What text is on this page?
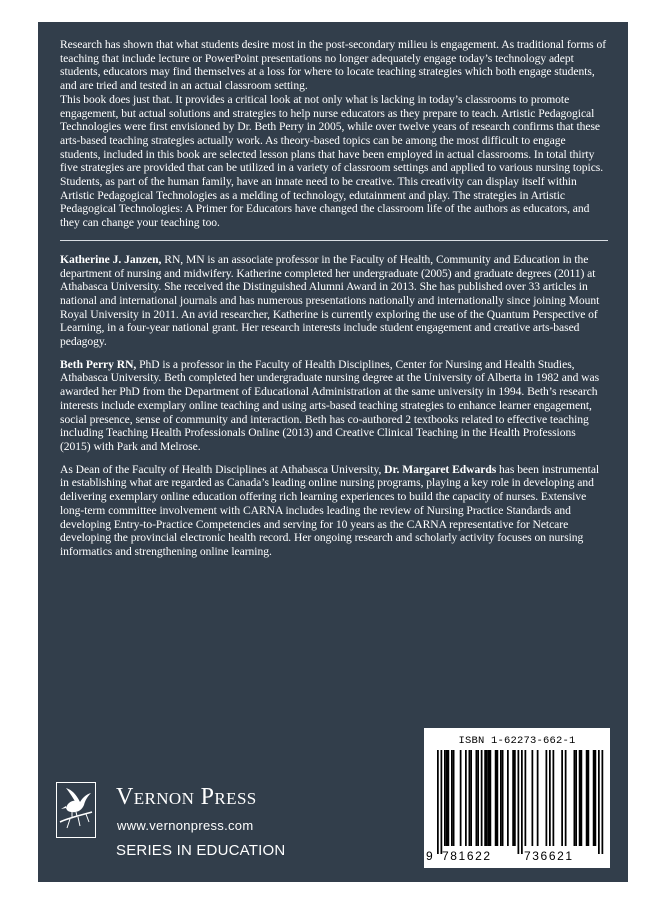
Research has shown that what students desire most in the post-secondary milieu is engagement. As traditional forms of teaching that include lecture or PowerPoint presentations no longer adequately engage today’s technology adept students, educators may find themselves at a loss for where to locate teaching strategies which both engage students, and are tried and tested in an actual classroom setting.

This book does just that. It provides a critical look at not only what is lacking in today’s classrooms to promote engagement, but actual solutions and strategies to help nurse educators as they prepare to teach. Artistic Pedagogical Technologies were first envisioned by Dr. Beth Perry in 2005, while over twelve years of research confirms that these arts-based teaching strategies actually work. As theory-based topics can be among the most difficult to engage students, included in this book are selected lesson plans that have been employed in actual classrooms. In total thirty five strategies are provided that can be utilized in a variety of classroom settings and applied to various nursing topics. Students, as part of the human family, have an innate need to be creative. This creativity can display itself within Artistic Pedagogical Technologies as a melding of technology, edutainment and play. The strategies in Artistic Pedagogical Technologies: A Primer for Educators have changed the classroom life of the authors as educators, and they can change your teaching too.

Katherine J. Janzen, RN, MN is an associate professor in the Faculty of Health, Community and Education in the department of nursing and midwifery. Katherine completed her undergraduate (2005) and graduate degrees (2011) at Athabasca University. She received the Distinguished Alumni Award in 2013. She has published over 33 articles in national and international journals and has numerous presentations nationally and internationally since joining Mount Royal University in 2011. An avid researcher, Katherine is currently exploring the use of the Quantum Perspective of Learning, in a four-year national grant. Her research interests include student engagement and creative arts-based pedagogy.

Beth Perry RN, PhD is a professor in the Faculty of Health Disciplines, Center for Nursing and Health Studies, Athabasca University. Beth completed her undergraduate nursing degree at the University of Alberta in 1982 and was awarded her PhD from the Department of Educational Administration at the same university in 1994. Beth’s research interests include exemplary online teaching and using arts-based teaching strategies to enhance learner engagement, social presence, sense of community and interaction. Beth has co-authored 2 textbooks related to effective teaching including Teaching Health Professionals Online (2013) and Creative Clinical Teaching in the Health Professions (2015) with Park and Melrose.

As Dean of the Faculty of Health Disciplines at Athabasca University, Dr. Margaret Edwards has been instrumental in establishing what are regarded as Canada’s leading online nursing programs, playing a key role in developing and delivering exemplary online education offering rich learning experiences to build the capacity of nurses. Extensive long-term committee involvement with CARNA includes leading the review of Nursing Practice Standards and developing Entry-to-Practice Competencies and serving for 10 years as the CARNA representative for Netcare developing the provincial electronic health record. Her ongoing research and scholarly activity focuses on nursing informatics and strengthening online learning.

Vernon Press
www.vernonpress.com
SERIES IN EDUCATION
ISBN 1-62273-662-1
9 781622	736621
